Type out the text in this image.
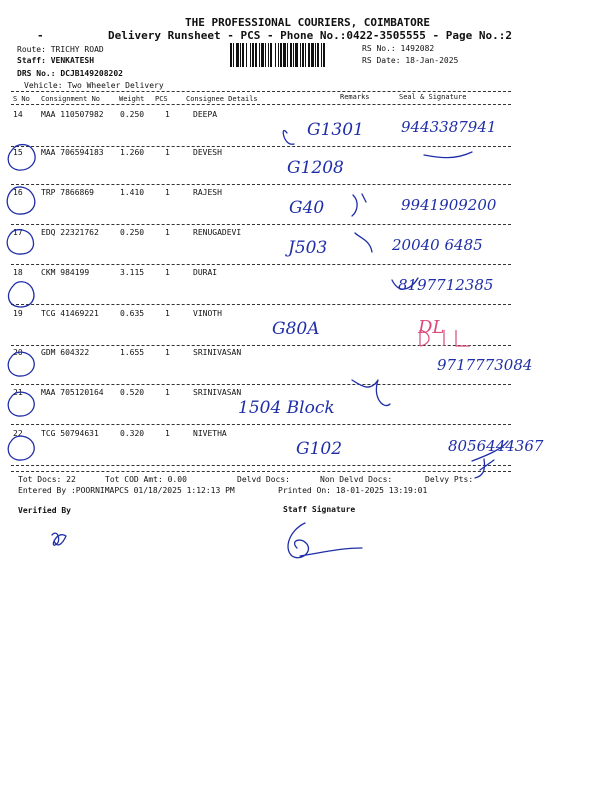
THE PROFESSIONAL COURIERS, COIMBATORE
-	Delivery Runsheet - PCS - Phone No.:0422-3505555 - Page No.:2
Route: TRICHY ROAD
Staff: VENKATESH
DRS No.: DCJB149208202
Vehicle: Two Wheeler Delivery
RS No.: 1492082
RS Date: 18-Jan-2025
S No Consignment No	Weight PCS	Consignee Details	Remarks	Seal & Signature
14 MAA 110507982 0.250	1	DEEPA
G1301 9443387941
15 MAA 706594183 1.260	1	DEVESH
G1208
16 TRP 7866869	1.410	1	RAJESH
G40	9941909200
17 EDQ 22321762	0.250	1	RENUGADEVI
J503	20040 6485
18 CKM 984199	3.115	1	DURAI
8197712385
19 TCG 41469221	0.635	1	VINOTH
G80A	DL
20 GDM 604322	1.655	1	SRINIVASAN
9717773084
21 MAA 705120164 0.520	1	SRINIVASAN
1504 Block
22 TCG 50794631	0.320	1	NIVETHA
G102	8056444367
Tot Docs: 22	Tot COD Amt: 0.00	Delvd Docs:	Non Delvd Docs:	Delvy Pts:
Entered By :POORNIMAPCS 01/18/2025 1:12:13 PM	Printed On: 18-01-2025 13:19:01
Verified By	Staff Signature
